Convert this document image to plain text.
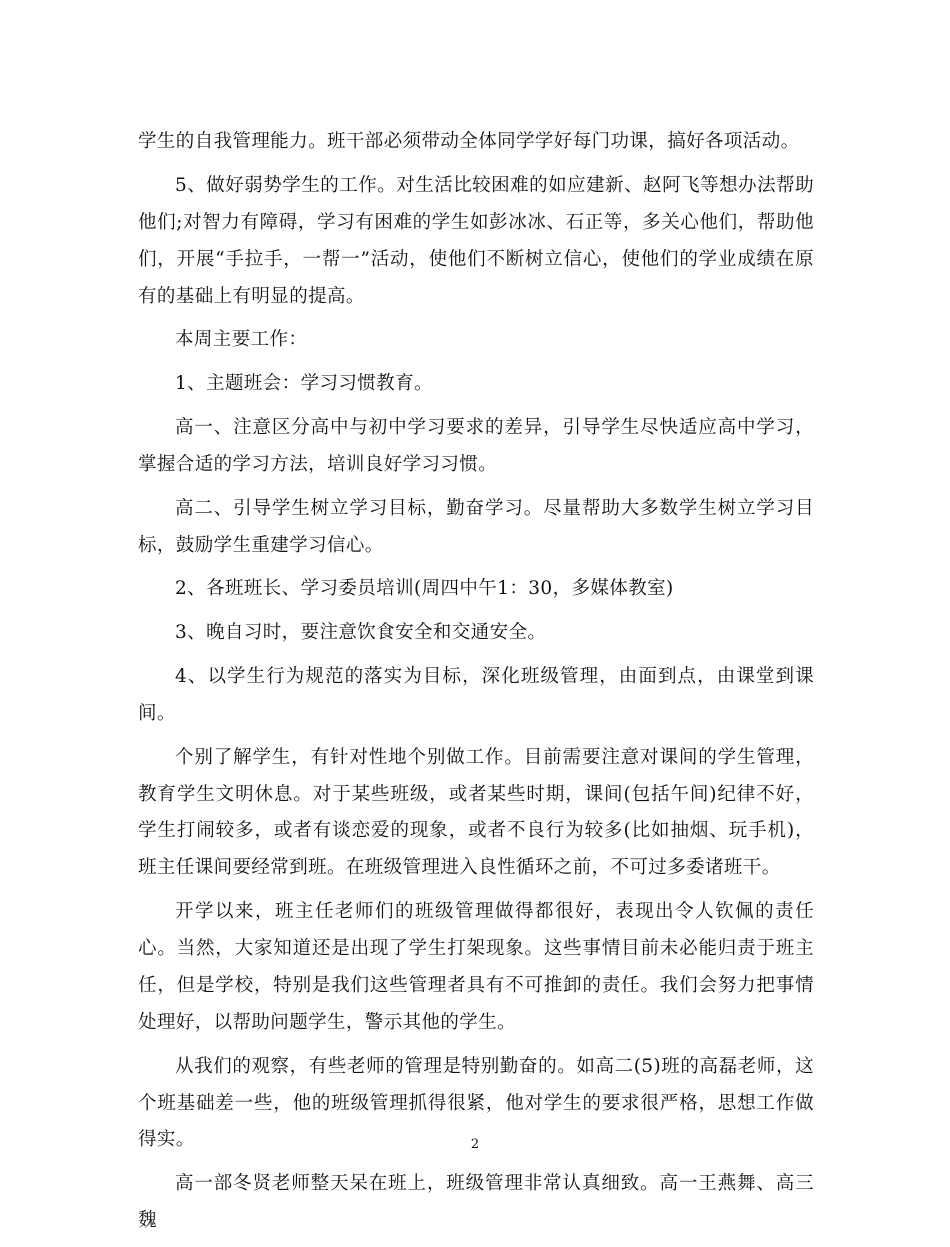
学生的自我管理能力。班干部必须带动全体同学学好每门功课，搞好各项活动。

5、做好弱势学生的工作。对生活比较困难的如应建新、赵阿飞等想办法帮助他们;对智力有障碍，学习有困难的学生如彭冰冰、石正等，多关心他们，帮助他们，开展“手拉手，一帮一”活动，使他们不断树立信心，使他们的学业成绩在原有的基础上有明显的提高。

本周主要工作：

1、主题班会：学习习惯教育。

高一、注意区分高中与初中学习要求的差异，引导学生尽快适应高中学习，掌握合适的学习方法，培训良好学习习惯。

高二、引导学生树立学习目标，勤奋学习。尽量帮助大多数学生树立学习目标，鼓励学生重建学习信心。

2、各班班长、学习委员培训(周四中午1：30，多媒体教室)

3、晚自习时，要注意饮食安全和交通安全。

4、以学生行为规范的落实为目标，深化班级管理，由面到点，由课堂到课间。

个别了解学生，有针对性地个别做工作。目前需要注意对课间的学生管理，教育学生文明休息。对于某些班级，或者某些时期，课间(包括午间)纪律不好，学生打闹较多，或者有谈恋爱的现象，或者不良行为较多(比如抽烟、玩手机)，班主任课间要经常到班。在班级管理进入良性循环之前，不可过多委诸班干。

开学以来，班主任老师们的班级管理做得都很好，表现出令人钦佩的责任心。当然，大家知道还是出现了学生打架现象。这些事情目前未必能归责于班主任，但是学校，特别是我们这些管理者具有不可推卸的责任。我们会努力把事情处理好，以帮助问题学生，警示其他的学生。

从我们的观察，有些老师的管理是特别勤奋的。如高二(5)班的高磊老师，这个班基础差一些，他的班级管理抓得很紧，他对学生的要求很严格，思想工作做得实。

高一部冬贤老师整天呆在班上，班级管理非常认真细致。高一王燕舞、高三魏

2
